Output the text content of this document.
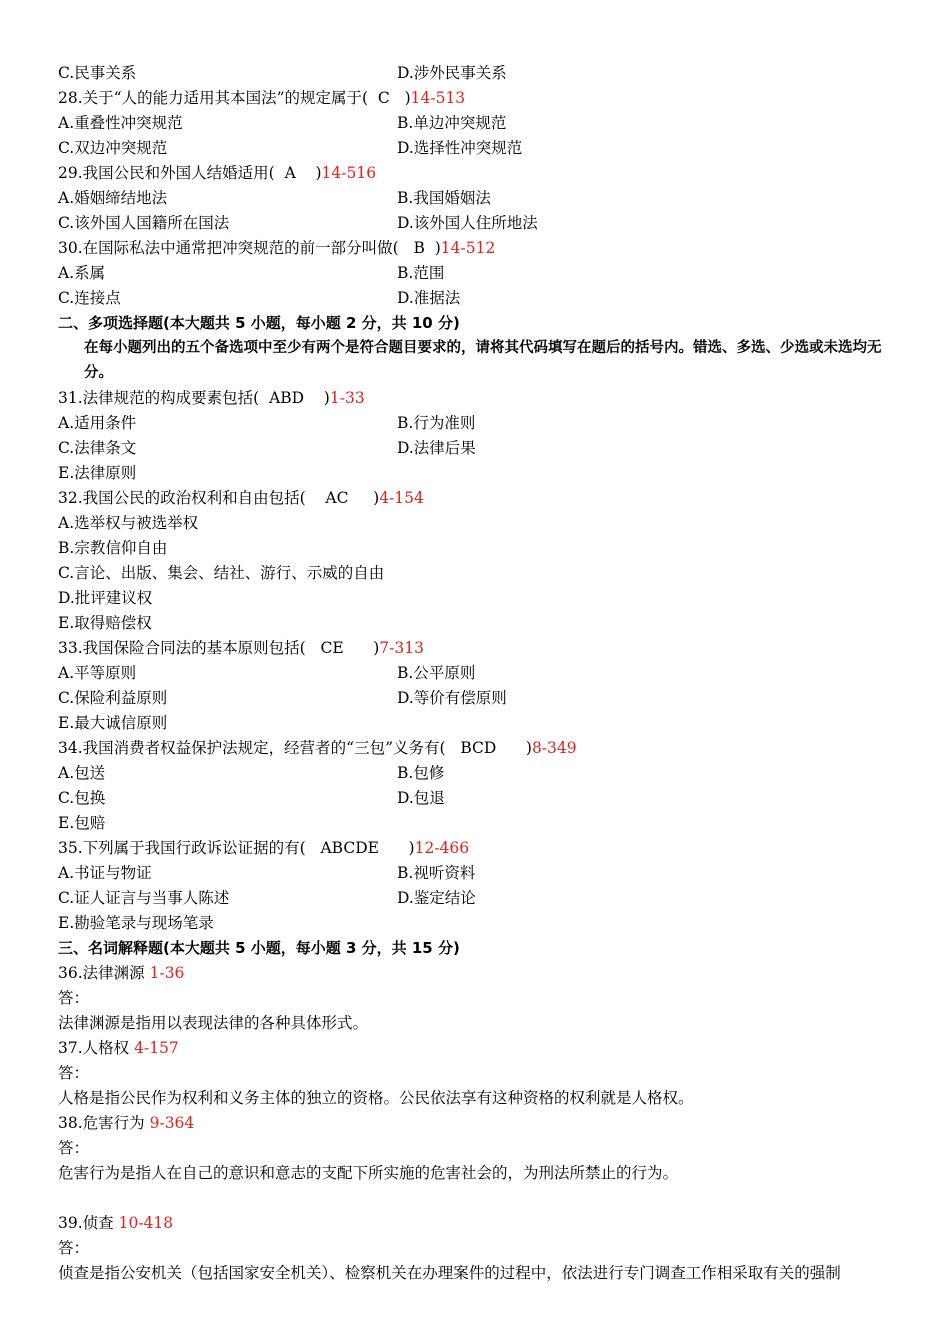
C.民事关系	D.涉外民事关系
28.关于“人的能力适用其本国法”的规定属于( C )14-513
A.重叠性冲突规范	B.单边冲突规范
C.双边冲突规范	D.选择性冲突规范
29.我国公民和外国人结婚适用( A )14-516
A.婚姻缔结地法	B.我国婚姻法
C.该外国人国籍所在国法	D.该外国人住所地法
30.在国际私法中通常把冲突规范的前一部分叫做( B )14-512
A.系属	B.范围
C.连接点	D.准据法
二、多项选择题(本大题共 5 小题，每小题 2 分，共 10 分)
在每小题列出的五个备选项中至少有两个是符合题目要求的，请将其代码填写在题后的括号内。错选、多选、少选或未选均无分。
31.法律规范的构成要素包括( ABD )1-33
A.适用条件	B.行为准则
C.法律条文	D.法律后果
E.法律原则
32.我国公民的政治权利和自由包括( AC )4-154
A.选举权与被选举权
B.宗教信仰自由
C.言论、出版、集会、结社、游行、示威的自由
D.批评建议权
E.取得赔偿权
33.我国保险合同法的基本原则包括( CE )7-313
A.平等原则	B.公平原则
C.保险利益原则	D.等价有偿原则
E.最大诚信原则
34.我国消费者权益保护法规定，经营者的“三包”义务有( BCD )8-349
A.包送	B.包修
C.包换	D.包退
E.包赔
35.下列属于我国行政诉讼证据的有( ABCDE )12-466
A.书证与物证	B.视听资料
C.证人证言与当事人陈述	D.鉴定结论
E.勘验笔录与现场笔录
三、名词解释题(本大题共 5 小题，每小题 3 分，共 15 分)
36.法律渊源 1-36
答：
法律渊源是指用以表现法律的各种具体形式。
37.人格权 4-157
答：
人格是指公民作为权利和义务主体的独立的资格。公民依法享有这种资格的权利就是人格权。
38.危害行为 9-364
答：
危害行为是指人在自己的意识和意志的支配下所实施的危害社会的，为刑法所禁止的行为。
39.侦查 10-418
答：
侦查是指公安机关（包括国家安全机关）、检察机关在办理案件的过程中，依法进行专门调查工作相采取有关的强制
